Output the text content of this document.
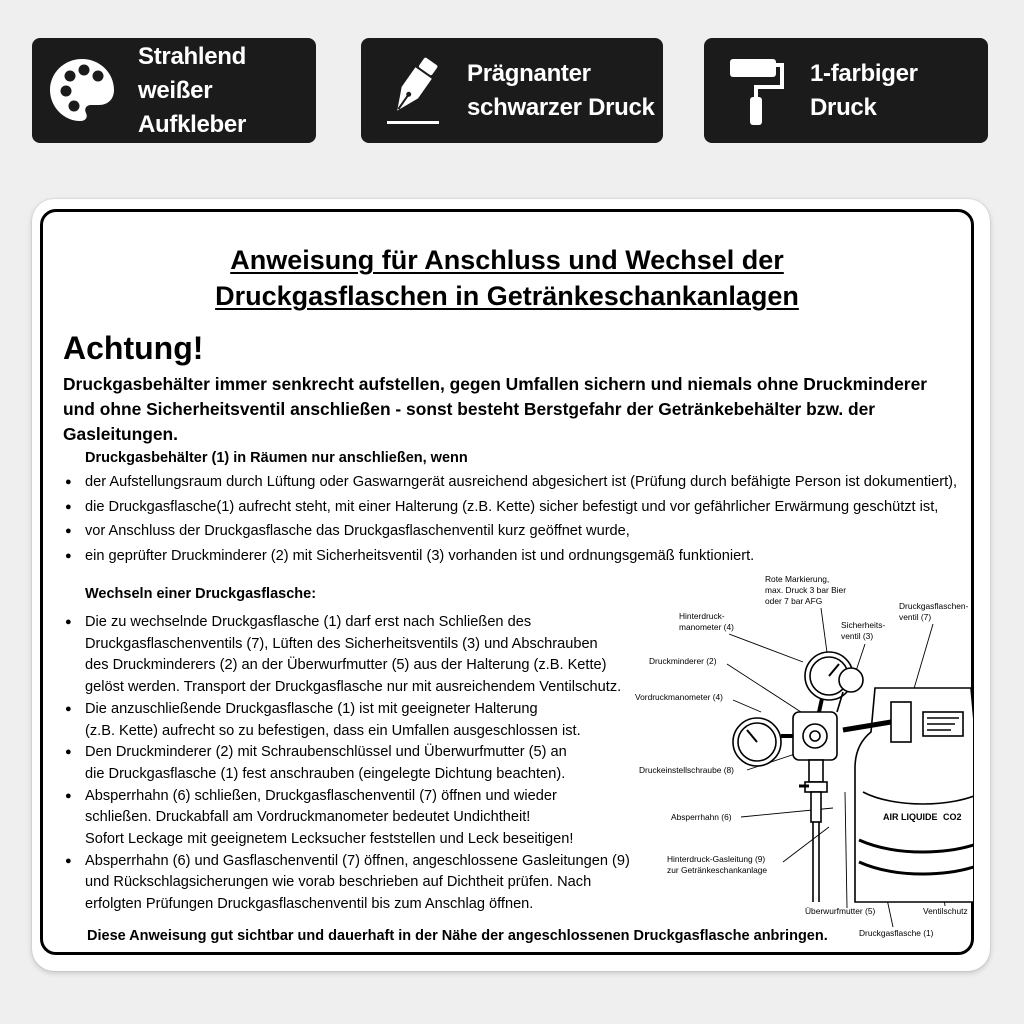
Strahlend
weißer Aufkleber
Prägnanter
schwarzer Druck
1-farbiger
Druck
Anweisung für Anschluss und Wechsel der
Druckgasflaschen in Getränkeschankanlagen
Achtung!
Druckgasbehälter immer senkrecht aufstellen, gegen Umfallen sichern und niemals ohne Druckminderer und ohne Sicherheitsventil anschließen - sonst besteht Berstgefahr der Getränkebehälter bzw. der Gasleitungen.
Druckgasbehälter (1) in Räumen nur anschließen, wenn
● der Aufstellungsraum durch Lüftung oder Gaswarngerät ausreichend abgesichert ist (Prüfung durch befähigte Person ist dokumentiert),
● die Druckgasflasche(1) aufrecht steht, mit einer Halterung (z.B. Kette) sicher befestigt und vor gefährlicher Erwärmung geschützt ist,
● vor Anschluss der Druckgasflasche das Druckgasflaschenventil kurz geöffnet wurde,
● ein geprüfter Druckminderer (2) mit Sicherheitsventil (3) vorhanden ist und ordnungsgemäß funktioniert.
Wechseln einer Druckgasflasche:
● Die zu wechselnde Druckgasflasche (1) darf erst nach Schließen des
Druckgasflaschenventils (7), Lüften des Sicherheitsventils (3) und Abschrauben
des Druckminderers (2) an der Überwurfmutter (5) aus der Halterung (z.B. Kette)
gelöst werden. Transport der Druckgasflasche nur mit ausreichendem Ventilschutz.
● Die anzuschließende Druckgasflasche (1) ist mit geeigneter Halterung
(z.B. Kette) aufrecht so zu befestigen, dass ein Umfallen ausgeschlossen ist.
● Den Druckminderer (2) mit Schraubenschlüssel und Überwurfmutter (5) an
die Druckgasflasche (1) fest anschrauben (eingelegte Dichtung beachten).
● Absperrhahn (6) schließen, Druckgasflaschenventil (7) öffnen und wieder
schließen. Druckabfall am Vordruckmanometer bedeutet Undichtheit!
Sofort Leckage mit geeignetem Lecksucher feststellen und Leck beseitigen!
● Absperrhahn (6) und Gasflaschenventil (7) öffnen, angeschlossene Gasleitungen (9)
und Rückschlagsicherungen wie vorab beschrieben auf Dichtheit prüfen. Nach
erfolgten Prüfungen Druckgasflaschenventil bis zum Anschlag öffnen.
Rote Markierung,
max. Druck 3 bar Bier
oder 7 bar AFG
Hinterdruck-
manometer (4)	Sicherheits-
ventil (3)
Druckgasflaschen-
ventil (7)
Druckminderer (2)
Vordruckmanometer (4)
Druckeinstellschraube (8)
Absperrhahn (6)
Hinterdruck-Gasleitung (9)
zur Getränkeschankanlage
Überwurfmutter (5)	Ventilschutz
Druckgasflasche (1)
AIR LIQUIDE CO2
Diese Anweisung gut sichtbar und dauerhaft in der Nähe der angeschlossenen Druckgasflasche anbringen.
